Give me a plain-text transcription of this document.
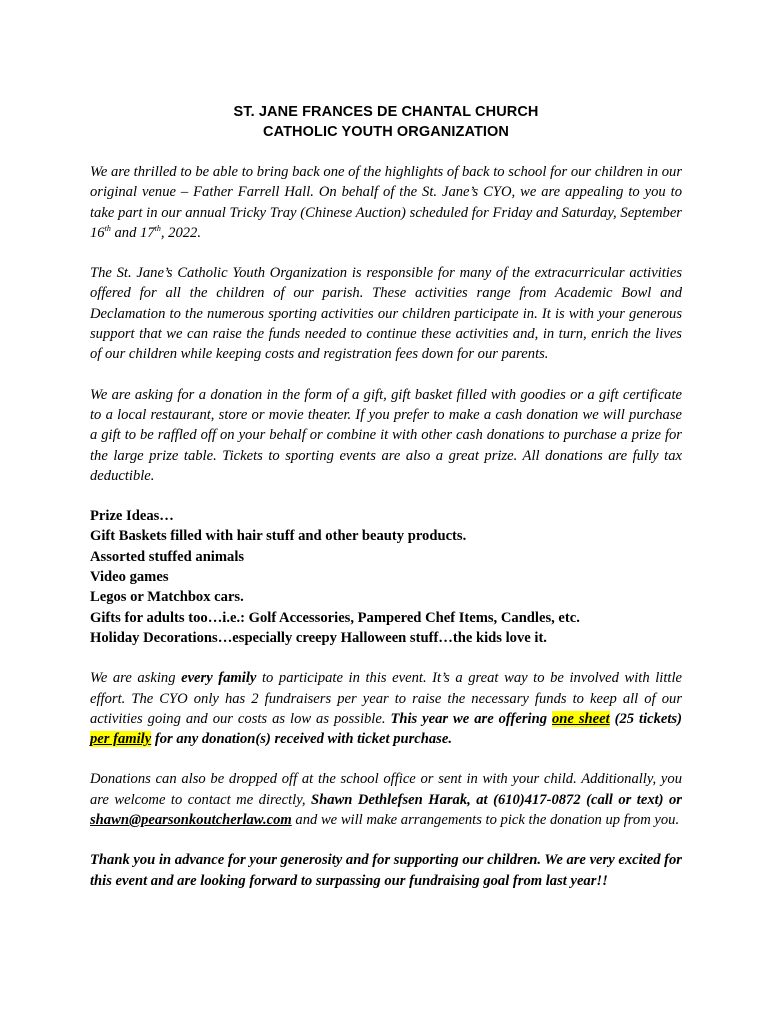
ST. JANE FRANCES DE CHANTAL CHURCH
CATHOLIC YOUTH ORGANIZATION

We are thrilled to be able to bring back one of the highlights of back to school for our children in our original venue – Father Farrell Hall. On behalf of the St. Jane’s CYO, we are appealing to you to take part in our annual Tricky Tray (Chinese Auction) scheduled for Friday and Saturday, September 16th and 17th, 2022.

The St. Jane’s Catholic Youth Organization is responsible for many of the extracurricular activities offered for all the children of our parish. These activities range from Academic Bowl and Declamation to the numerous sporting activities our children participate in. It is with your generous support that we can raise the funds needed to continue these activities and, in turn, enrich the lives of our children while keeping costs and registration fees down for our parents.

We are asking for a donation in the form of a gift, gift basket filled with goodies or a gift certificate to a local restaurant, store or movie theater. If you prefer to make a cash donation we will purchase a gift to be raffled off on your behalf or combine it with other cash donations to purchase a prize for the large prize table. Tickets to sporting events are also a great prize. All donations are fully tax deductible.

Prize Ideas…
Gift Baskets filled with hair stuff and other beauty products.
Assorted stuffed animals
Video games
Legos or Matchbox cars.
Gifts for adults too…i.e.: Golf Accessories, Pampered Chef Items, Candles, etc.
Holiday Decorations…especially creepy Halloween stuff…the kids love it.

We are asking every family to participate in this event. It’s a great way to be involved with little effort. The CYO only has 2 fundraisers per year to raise the necessary funds to keep all of our activities going and our costs as low as possible. This year we are offering one sheet (25 tickets) per family for any donation(s) received with ticket purchase.

Donations can also be dropped off at the school office or sent in with your child. Additionally, you are welcome to contact me directly, Shawn Dethlefsen Harak, at (610)417-0872 (call or text) or shawn@pearsonkoutcherlaw.com and we will make arrangements to pick the donation up from you.

Thank you in advance for your generosity and for supporting our children. We are very excited for this event and are looking forward to surpassing our fundraising goal from last year!!
